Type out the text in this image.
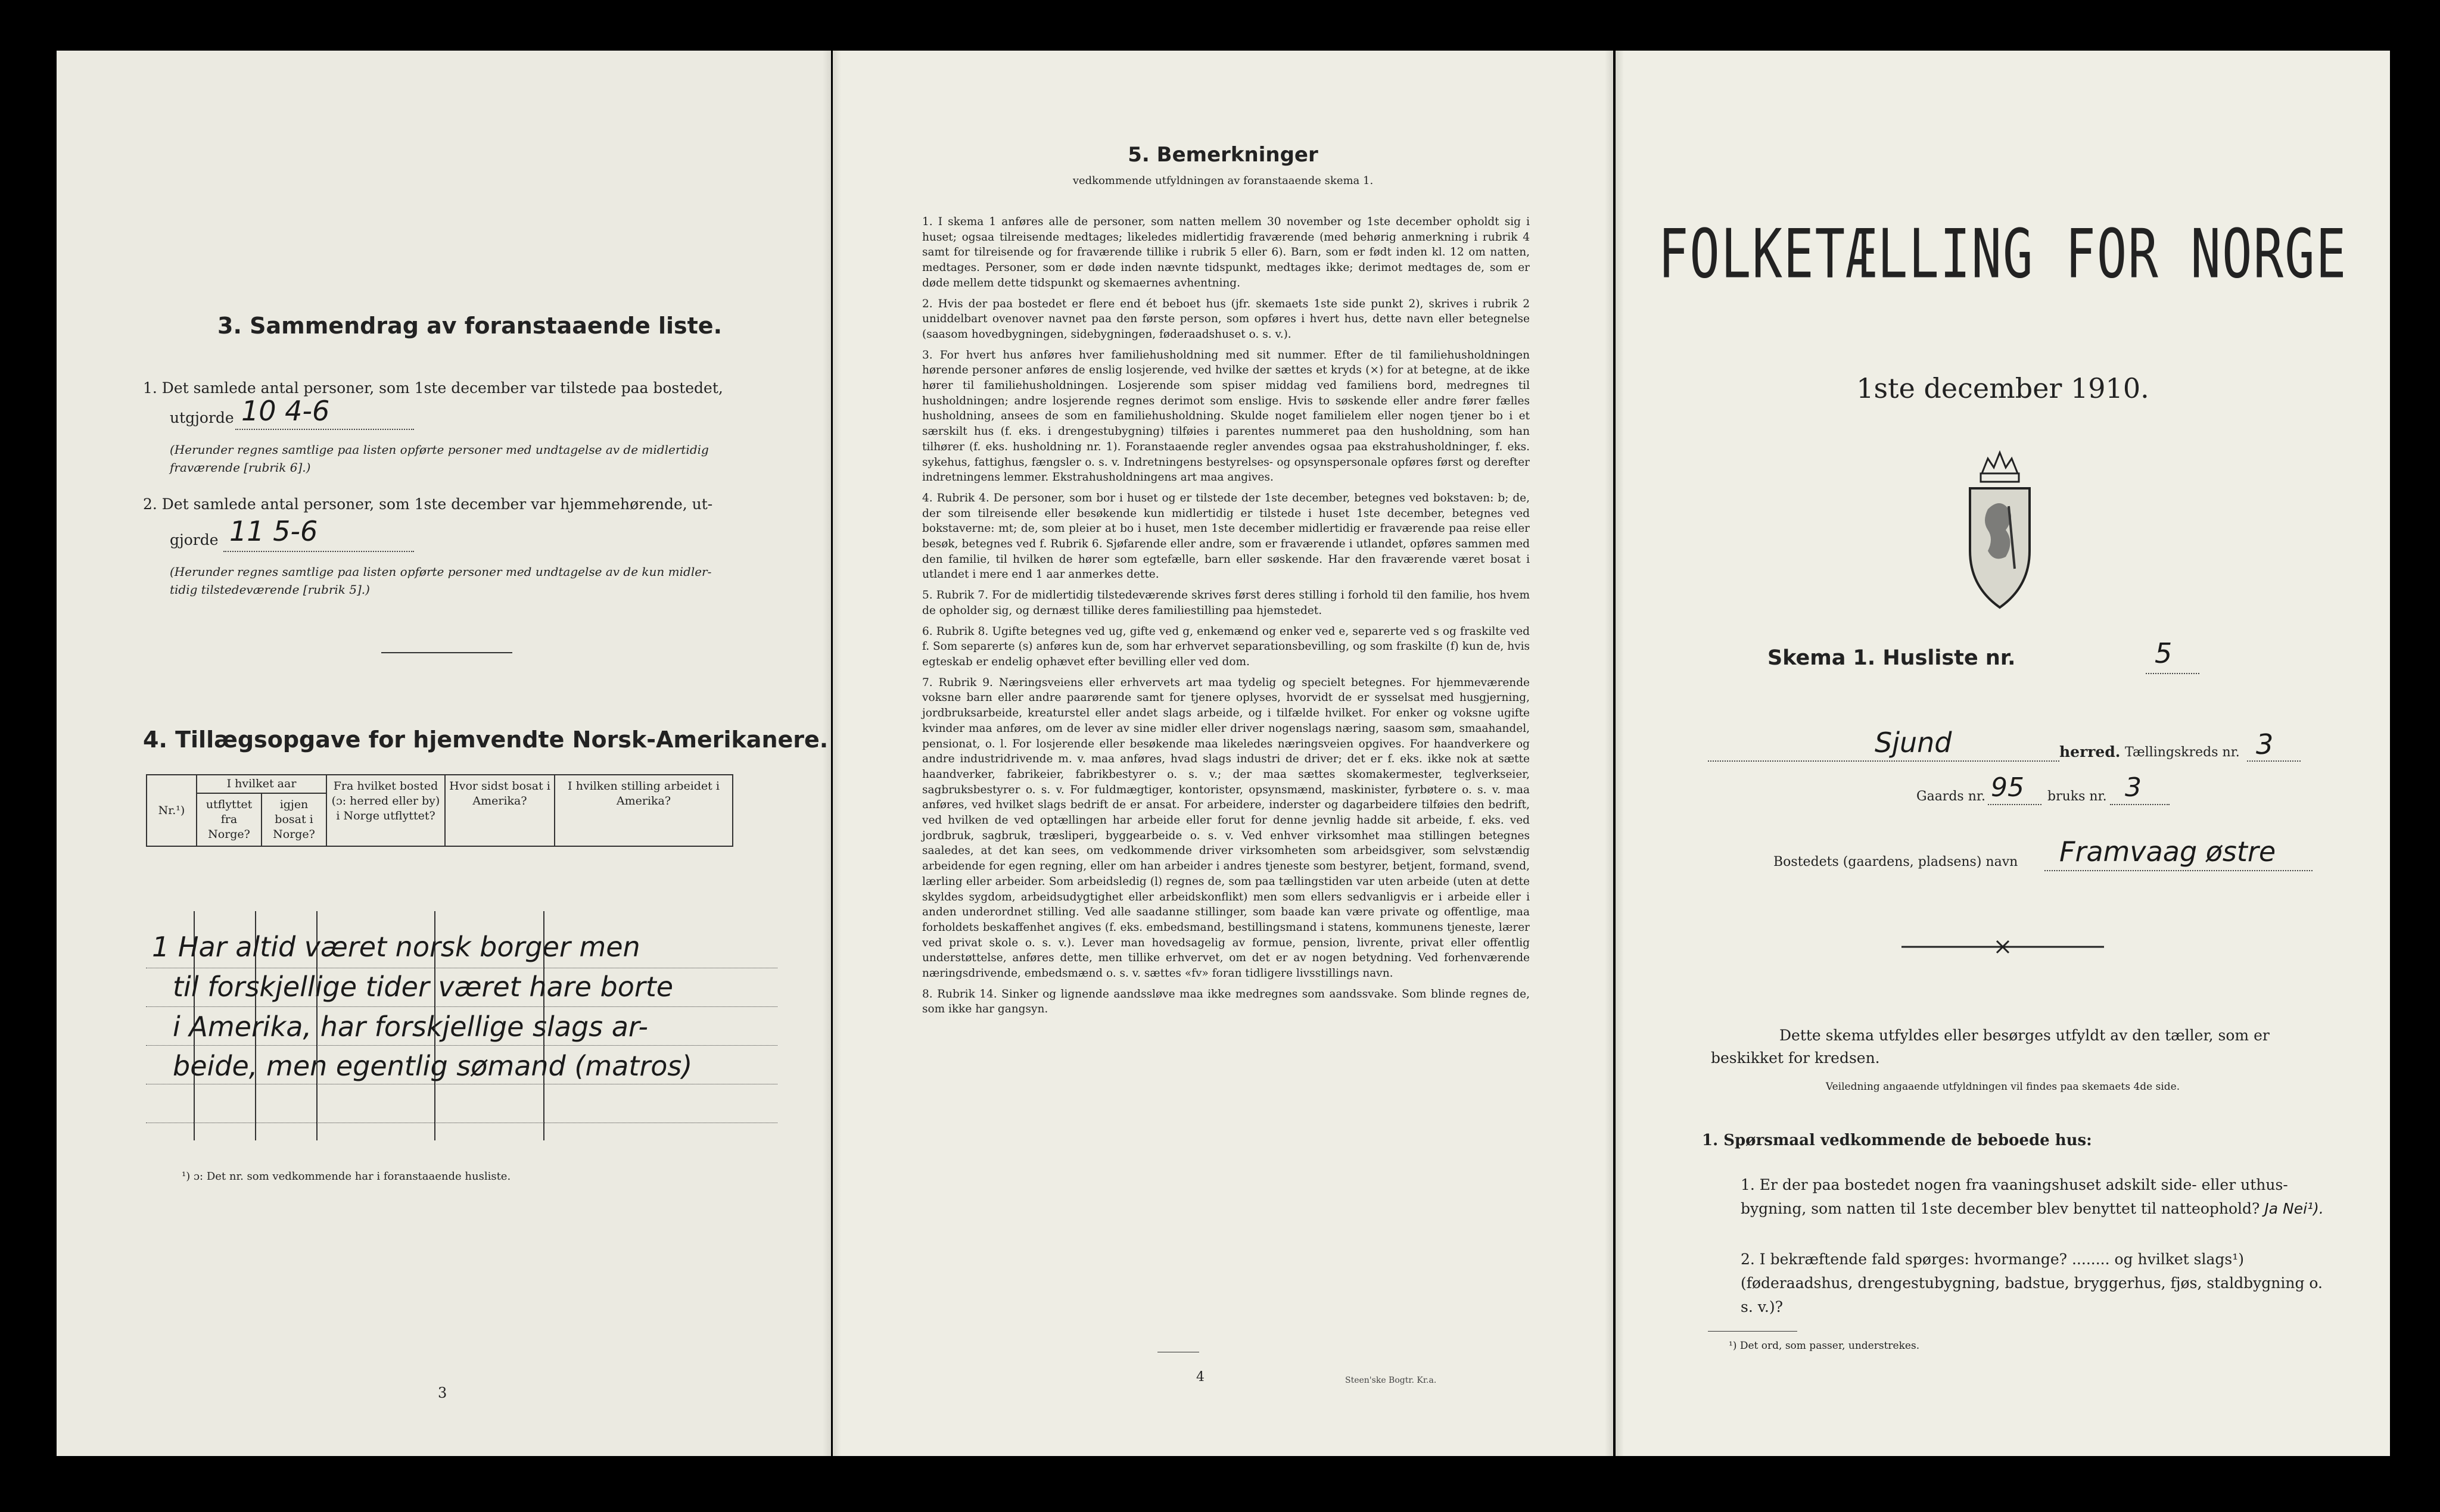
3. Sammendrag av foranstaaende liste.
1. Det samlede antal personer, som 1ste december var tilstede paa bostedet,
utgjorde 10 4-6
(Herunder regnes samtlige paa listen opførte personer med undtagelse av de midlertidig
fraværende [rubrik 6].)
2. Det samlede antal personer, som 1ste december var hjemmehørende, ut-
gjorde 11 5-6
(Herunder regnes samtlige paa listen opførte personer med undtagelse av de kun midler-
tidig tilstedeværende [rubrik 5].)
4. Tillægsopgave for hjemvendte Norsk-Amerikanere.
Nr.¹)	I hvilket aar		Fra hvilket bosted (ɔ: herred eller by) i Norge utflyttet?	Hvor sidst bosat i Amerika?	I hvilken stilling arbeidet i Amerika?
	utflyttet fra Norge?	igjen bosat i Norge?			
1 Har altid været norsk borger men
til forskjellige tider været hare borte
i Amerika, har forskjellige slags ar-
beide, men egentlig sømand (matros)
¹) ɔ: Det nr. som vedkommende har i foranstaaende husliste.
3
5. Bemerkninger
vedkommende utfyldningen av foranstaaende skema 1.

1. I skema 1 anføres alle de personer, som natten mellem 30 november og 1ste december opholdt sig i huset; ogsaa tilreisende medtages; likeledes midlertidig fraværende (med behørig anmerkning i rubrik 4 samt for tilreisende og for fraværende tillike i rubrik 5 eller 6). Barn, som er født inden kl. 12 om natten, medtages. Personer, som er døde inden nævnte tidspunkt, medtages ikke; derimot medtages de, som er døde mellem dette tidspunkt og skemaernes avhentning.

2. Hvis der paa bostedet er flere end ét beboet hus (jfr. skemaets 1ste side punkt 2), skrives i rubrik 2 uniddelbart ovenover navnet paa den første person, som opføres i hvert hus, dette navn eller betegnelse (saasom hovedbygningen, sidebygningen, føderaadshuset o. s. v.).

3. For hvert hus anføres hver familiehusholdning med sit nummer. Efter de til familiehusholdningen hørende personer anføres de enslig losjerende, ved hvilke der sættes et kryds (×) for at betegne, at de ikke hører til familiehusholdningen. Losjerende som spiser middag ved familiens bord, medregnes til husholdningen; andre losjerende regnes derimot som enslige. Hvis to søskende eller andre fører fælles husholdning, ansees de som en familiehusholdning. Skulde noget familielem eller nogen tjener bo i et særskilt hus (f. eks. i drengestubygning) tilføies i parentes nummeret paa den husholdning, som han tilhører (f. eks. husholdning nr. 1). Foranstaaende regler anvendes ogsaa paa ekstrahusholdninger, f. eks. sykehus, fattighus, fængsler o. s. v. Indretningens bestyrelses- og opsynspersonale opføres først og derefter indretningens lemmer. Ekstrahusholdningens art maa angives.

4. Rubrik 4. De personer, som bor i huset og er tilstede der 1ste december, betegnes ved bokstaven: b; de, der som tilreisende eller besøkende kun midlertidig er tilstede i huset 1ste december, betegnes ved bokstaverne: mt; de, som pleier at bo i huset, men 1ste december midlertidig er fraværende paa reise eller besøk, betegnes ved f. Rubrik 6. Sjøfarende eller andre, som er fraværende i utlandet, opføres sammen med den familie, til hvilken de hører som egtefælle, barn eller søskende. Har den fraværende været bosat i utlandet i mere end 1 aar anmerkes dette.

5. Rubrik 7. For de midlertidig tilstedeværende skrives først deres stilling i forhold til den familie, hos hvem de opholder sig, og dernæst tillike deres familiestilling paa hjemstedet.

6. Rubrik 8. Ugifte betegnes ved ug, gifte ved g, enkemænd og enker ved e, separerte ved s og fraskilte ved f. Som separerte (s) anføres kun de, som har erhvervet separationsbevilling, og som fraskilte (f) kun de, hvis egteskab er endelig ophævet efter bevilling eller ved dom.

7. Rubrik 9. Næringsveiens eller erhvervets art maa tydelig og specielt betegnes. For hjemmeværende voksne barn eller andre paarørende samt for tjenere oplyses, hvorvidt de er sysselsat med husgjerning, jordbruksarbeide, kreaturstel eller andet slags arbeide, og i tilfælde hvilket. For enker og voksne ugifte kvinder maa anføres, om de lever av sine midler eller driver nogenslags næring, saasom søm, smaahandel, pensionat, o. l. For losjerende eller besøkende maa likeledes næringsveien opgives. For haandverkere og andre industridrivende m. v. maa anføres, hvad slags industri de driver; det er f. eks. ikke nok at sætte haandverker, fabrikeier, fabrikbestyrer o. s. v.; der maa sættes skomakermester, teglverkseier, sagbruksbestyrer o. s. v. For fuldmægtiger, kontorister, opsynsmænd, maskinister, fyrbøtere o. s. v. maa anføres, ved hvilket slags bedrift de er ansat. For arbeidere, inderster og dagarbeidere tilføies den bedrift, ved hvilken de ved optællingen har arbeide eller forut for denne jevnlig hadde sit arbeide, f. eks. ved jordbruk, sagbruk, træsliperi, byggearbeide o. s. v. Ved enhver virksomhet maa stillingen betegnes saaledes, at det kan sees, om vedkommende driver virksomheten som arbeidsgiver, som selvstændig arbeidende for egen regning, eller om han arbeider i andres tjeneste som bestyrer, betjent, formand, svend, lærling eller arbeider. Som arbeidsledig (l) regnes de, som paa tællingstiden var uten arbeide (uten at dette skyldes sygdom, arbeidsudygtighet eller arbeidskonflikt) men som ellers sedvanligvis er i arbeide eller i anden underordnet stilling. Ved alle saadanne stillinger, som baade kan være private og offentlige, maa forholdets beskaffenhet angives (f. eks. embedsmand, bestillingsmand i statens, kommunens tjeneste, lærer ved privat skole o. s. v.). Lever man hovedsagelig av formue, pension, livrente, privat eller offentlig understøttelse, anføres dette, men tillike erhvervet, om det er av nogen betydning. Ved forhenværende næringsdrivende, embedsmænd o. s. v. sættes «fv» foran tidligere livsstillings navn.

8. Rubrik 14. Sinker og lignende aandssløve maa ikke medregnes som aandssvake. Som blinde regnes de, som ikke har gangsyn.

4	Steen'ske Bogtr. Kr.a.
FOLKETÆLLING FOR NORGE
1ste december 1910.
Skema 1. Husliste nr.	5
Sjund	herred. Tællingskreds nr. 3
Gaards nr. 95 bruks nr. 3
Bostedets (gaardens, pladsens) navn Framvaag østre
Dette skema utfyldes eller besørges utfyldt av den tæller, som er beskikket for kredsen.
Veiledning angaaende utfyldningen vil findes paa skemaets 4de side.
1. Spørsmaal vedkommende de beboede hus:
1. Er der paa bostedet nogen fra vaaningshuset adskilt side- eller uthus-bygning, som natten til 1ste december blev benyttet til natteophold? Ja Nei¹).
2. I bekræftende fald spørges: hvormange? ........ og hvilket slags¹) (føderaadshus, drengestubygning, badstue, bryggerhus, fjøs, staldbygning o. s. v.)?
¹) Det ord, som passer, understrekes.
